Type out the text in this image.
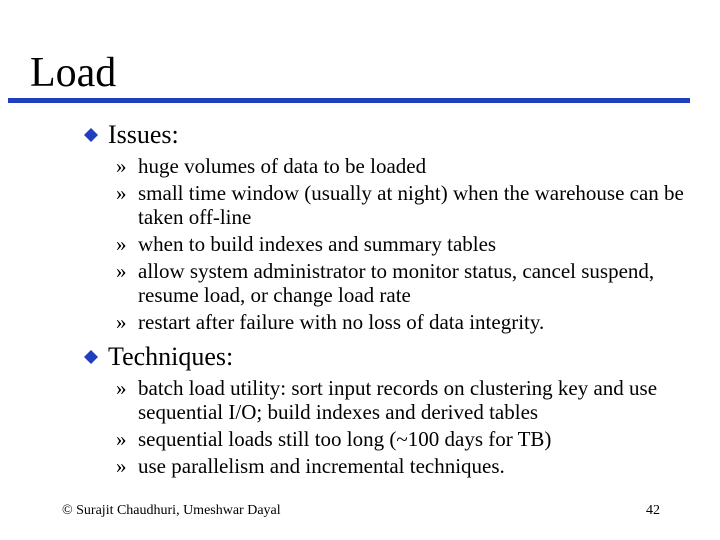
Load
Issues:

» huge volumes of data to be loaded

» small time window (usually at night) when the warehouse can be taken off-line

» when to build indexes and summary tables

» allow system administrator to monitor status, cancel suspend, resume load, or change load rate

» restart after failure with no loss of data integrity.

Techniques:

» batch load utility: sort input records on clustering key and use sequential I/O; build indexes and derived tables

» sequential loads still too long (~100 days for TB)

» use parallelism and incremental techniques.

© Surajit Chaudhuri, Umeshwar Dayal	42
